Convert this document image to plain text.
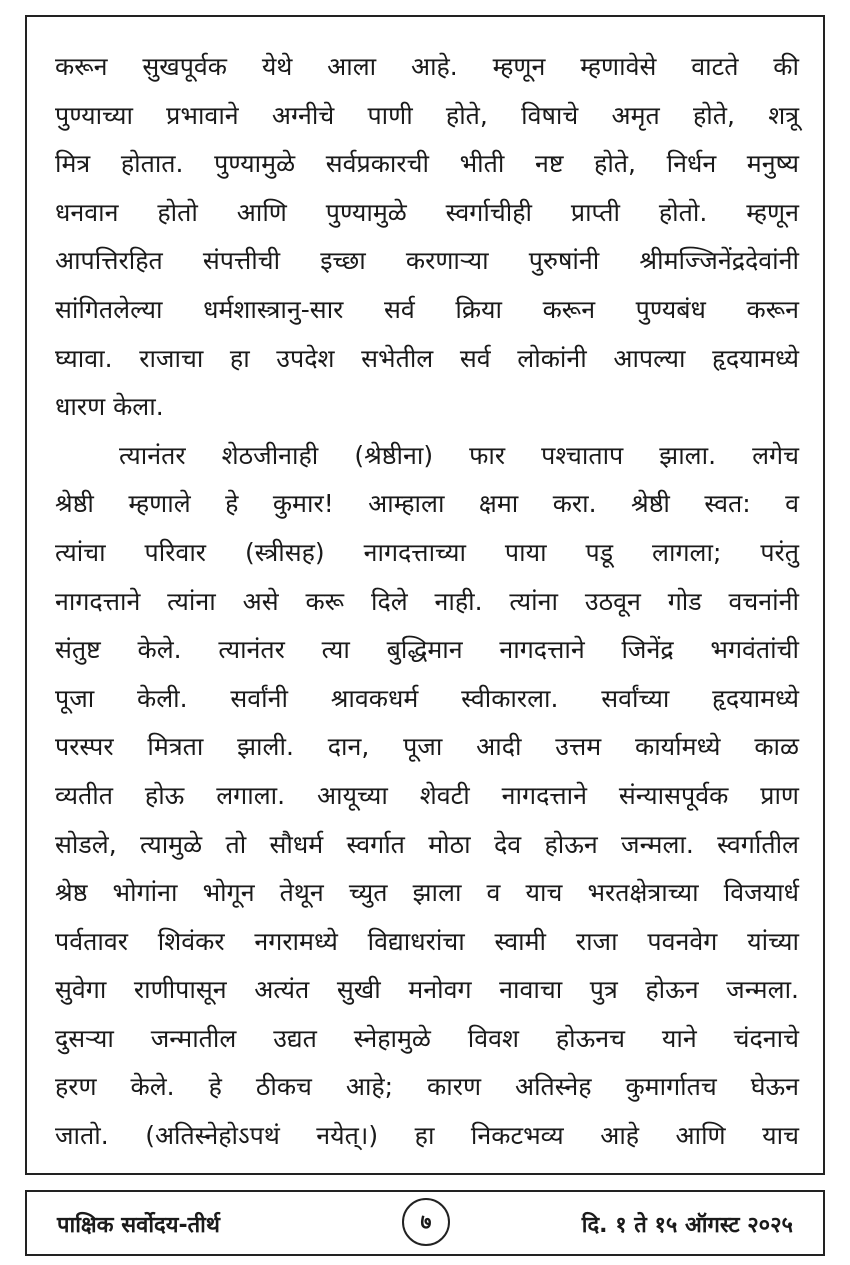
करून सुखपूर्वक येथे आला आहे. म्हणून म्हणावेसे वाटते की
पुण्याच्या प्रभावाने अग्नीचे पाणी होते, विषाचे अमृत होते, शत्रू
मित्र होतात. पुण्यामुळे सर्वप्रकारची भीती नष्ट होते, निर्धन मनुष्य
धनवान होतो आणि पुण्यामुळे स्वर्गाचीही प्राप्ती होतो. म्हणून
आपत्तिरहित संपत्तीची इच्छा करणाऱ्या पुरुषांनी श्रीमज्जिनेंद्रदेवांनी
सांगितलेल्या धर्मशास्त्रानु-सार सर्व क्रिया करून पुण्यबंध करून
घ्यावा. राजाचा हा उपदेश सभेतील सर्व लोकांनी आपल्या हृदयामध्ये
धारण केला.

त्यानंतर शेठजीनाही (श्रेष्ठीना) फार पश्चाताप झाला. लगेच
श्रेष्ठी म्हणाले हे कुमार! आम्हाला क्षमा करा. श्रेष्ठी स्वत: व
त्यांचा परिवार (स्त्रीसह) नागदत्ताच्या पाया पडू लागला; परंतु
नागदत्ताने त्यांना असे करू दिले नाही. त्यांना उठवून गोड वचनांनी
संतुष्ट केले. त्यानंतर त्या बुद्धिमान नागदत्ताने जिनेंद्र भगवंतांची
पूजा केली. सर्वांनी श्रावकधर्म स्वीकारला. सर्वांच्या हृदयामध्ये
परस्पर मित्रता झाली. दान, पूजा आदी उत्तम कार्यामध्ये काळ
व्यतीत होऊ लगाला. आयूच्या शेवटी नागदत्ताने संन्यासपूर्वक प्राण
सोडले, त्यामुळे तो सौधर्म स्वर्गात मोठा देव होऊन जन्मला. स्वर्गातील
श्रेष्ठ भोगांना भोगून तेथून च्युत झाला व याच भरतक्षेत्राच्या विजयार्ध
पर्वतावर शिवंकर नगरामध्ये विद्याधरांचा स्वामी राजा पवनवेग यांच्या
सुवेगा राणीपासून अत्यंत सुखी मनोवग नावाचा पुत्र होऊन जन्मला.
दुसऱ्या जन्मातील उद्यत स्नेहामुळे विवश होऊनच याने चंदनाचे
हरण केले. हे ठीकच आहे; कारण अतिस्नेह कुमार्गातच घेऊन
जातो. (अतिस्नेहोऽपथं नयेत्।) हा निकटभव्य आहे आणि याच

पाक्षिक सर्वोदय-तीर्थ	७	दि. १ ते १५ ऑगस्ट २०२५
